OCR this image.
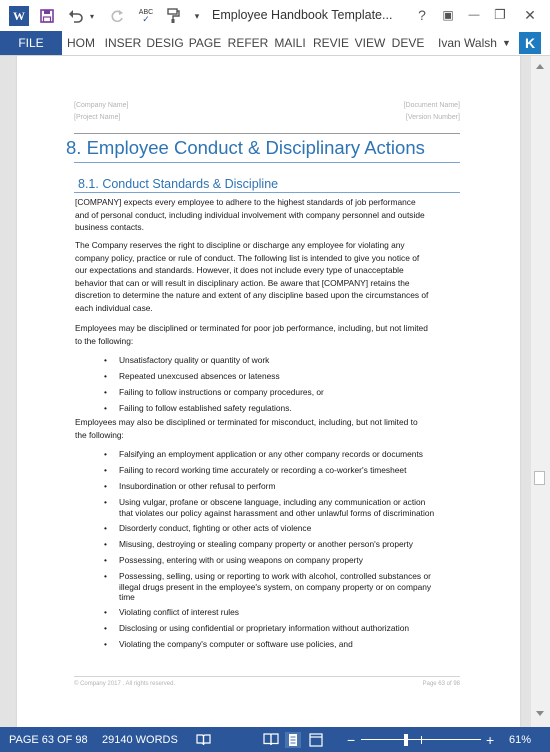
W	▾	ABC
✓	▾ Employee Handbook Template...	?	▣	—	❐	✕
FILE	HOM INSER DESIG PAGE REFER MAILI REVIE VIEW DEVE Ivan Walsh ▼	K
[Company Name]
[Project Name]
[Document Name]
[Version Number]
8. Employee Conduct & Disciplinary Actions
8.1. Conduct Standards & Discipline
[COMPANY] expects every employee to adhere to the highest standards of job performance
and of personal conduct, including individual involvement with company personnel and outside
business contacts.
The Company reserves the right to discipline or discharge any employee for violating any
company policy, practice or rule of conduct. The following list is intended to give you notice of
our expectations and standards. However, it does not include every type of unacceptable
behavior that can or will result in disciplinary action. Be aware that [COMPANY] retains the
discretion to determine the nature and extent of any discipline based upon the circumstances of
each individual case.
Employees may be disciplined or terminated for poor job performance, including, but not limited
to the following:
• Unsatisfactory quality or quantity of work
• Repeated unexcused absences or lateness
• Failing to follow instructions or company procedures, or
• Failing to follow established safety regulations.
Employees may also be disciplined or terminated for misconduct, including, but not limited to
the following:
• Falsifying an employment application or any other company records or documents
• Failing to record working time accurately or recording a co-worker's timesheet
• Insubordination or other refusal to perform
• Using vulgar, profane or obscene language, including any communication or action
that violates our policy against harassment and other unlawful forms of discrimination
• Disorderly conduct, fighting or other acts of violence
• Misusing, destroying or stealing company property or another person's property
• Possessing, entering with or using weapons on company property
• Possessing, selling, using or reporting to work with alcohol, controlled substances or
illegal drugs present in the employee's system, on company property or on company
time
• Violating conflict of interest rules
• Disclosing or using confidential or proprietary information without authorization
• Violating the company's computer or software use policies, and
© Company 2017 . All rights reserved.	Page 63 of 98
PAGE 63 OF 98 29140 WORDS	−	+ 61%
